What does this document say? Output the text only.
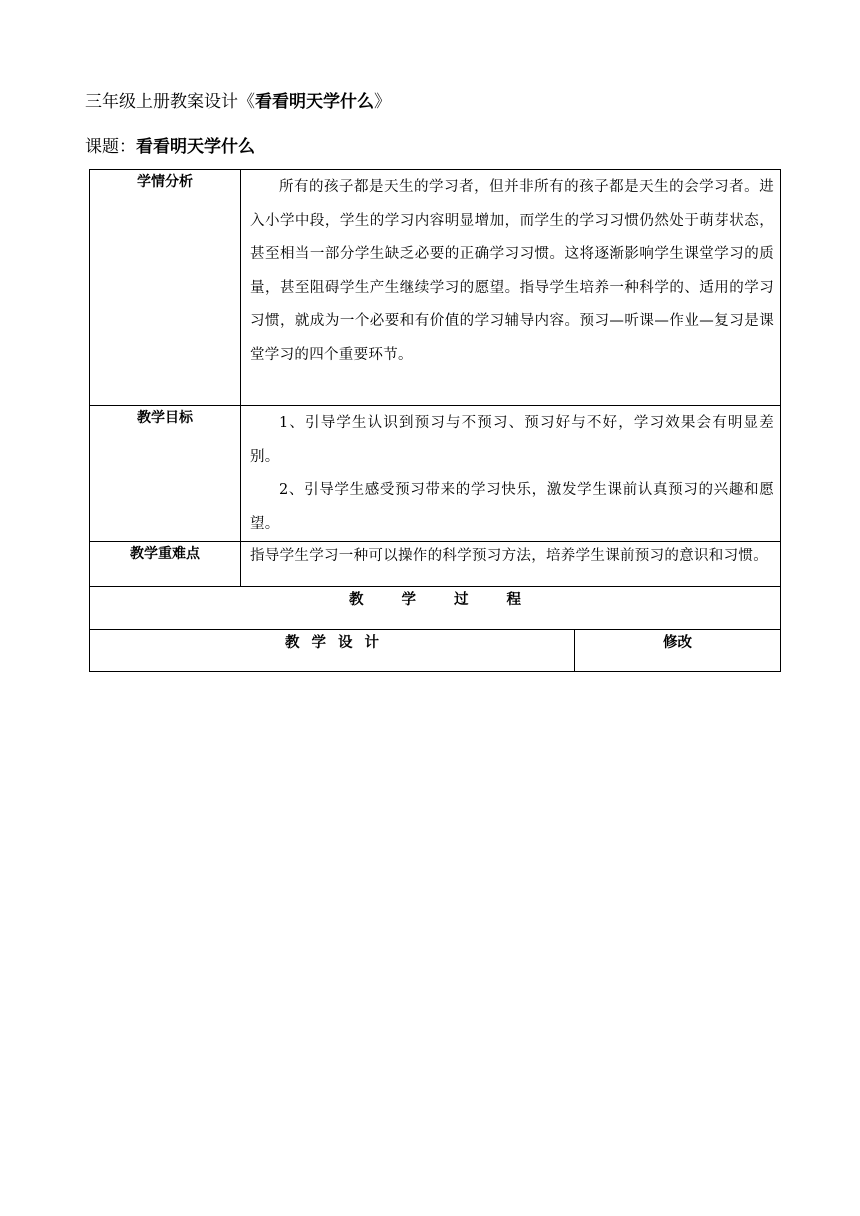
三年级上册教案设计《看看明天学什么》
课题：看看明天学什么
学情分析	所有的孩子都是天生的学习者，但并非所有的孩子都是天生的会学习者。进入小学中段，学生的学习内容明显增加，而学生的学习习惯仍然处于萌芽状态，甚至相当一部分学生缺乏必要的正确学习习惯。这将逐渐影响学生课堂学习的质量，甚至阻碍学生产生继续学习的愿望。指导学生培养一种科学的、适用的学习习惯，就成为一个必要和有价值的学习辅导内容。预习—听课—作业—复习是课堂学习的四个重要环节。	

教学目标	1、引导学生认识到预习与不预习、预习好与不好，学习效果会有明显差别。

2、引导学生感受预习带来的学习快乐，激发学生课前认真预习的兴趣和愿望。	

教学重难点	指导学生学习一种可以操作的科学预习方法，培养学生课前预习的意识和习惯。	
教 学 过 程		
教 学 设 计		修改
